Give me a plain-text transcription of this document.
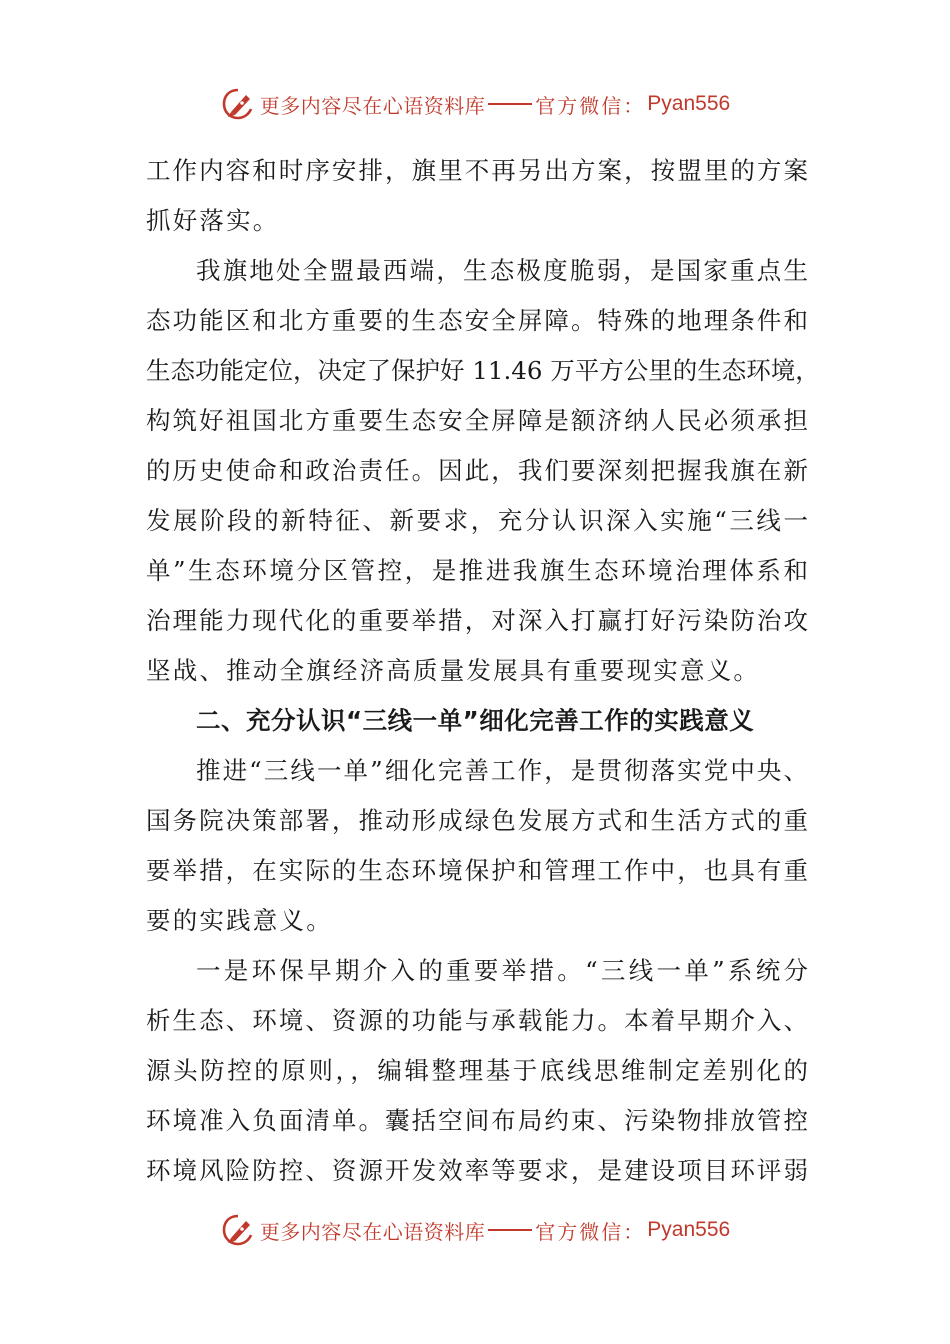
更多内容尽在心语资料库	官方微信： Pyan556
工作内容和时序安排，旗里不再另出方案，按盟里的方案
抓好落实。
我旗地处全盟最西端，生态极度脆弱，是国家重点生
态功能区和北方重要的生态安全屏障。特殊的地理条件和
生态功能定位，决定了保护好 11.46 万平方公里的生态环境，
构筑好祖国北方重要生态安全屏障是额济纳人民必须承担
的历史使命和政治责任。因此，我们要深刻把握我旗在新
发展阶段的新特征、新要求，充分认识深入实施“三线一
单”生态环境分区管控，是推进我旗生态环境治理体系和
治理能力现代化的重要举措，对深入打赢打好污染防治攻
坚战、推动全旗经济高质量发展具有重要现实意义。
二、充分认识“三线一单”细化完善工作的实践意义
推进“三线一单”细化完善工作，是贯彻落实党中央、
国务院决策部署，推动形成绿色发展方式和生活方式的重
要举措，在实际的生态环境保护和管理工作中，也具有重
要的实践意义。
一是环保早期介入的重要举措。“三线一单”系统分
析生态、环境、资源的功能与承载能力。本着早期介入、
源头防控的原则，，编辑整理基于底线思维制定差别化的
环境准入负面清单。囊括空间布局约束、污染物排放管控
环境风险防控、资源开发效率等要求，是建设项目环评弱
更多内容尽在心语资料库	官方微信： Pyan556
